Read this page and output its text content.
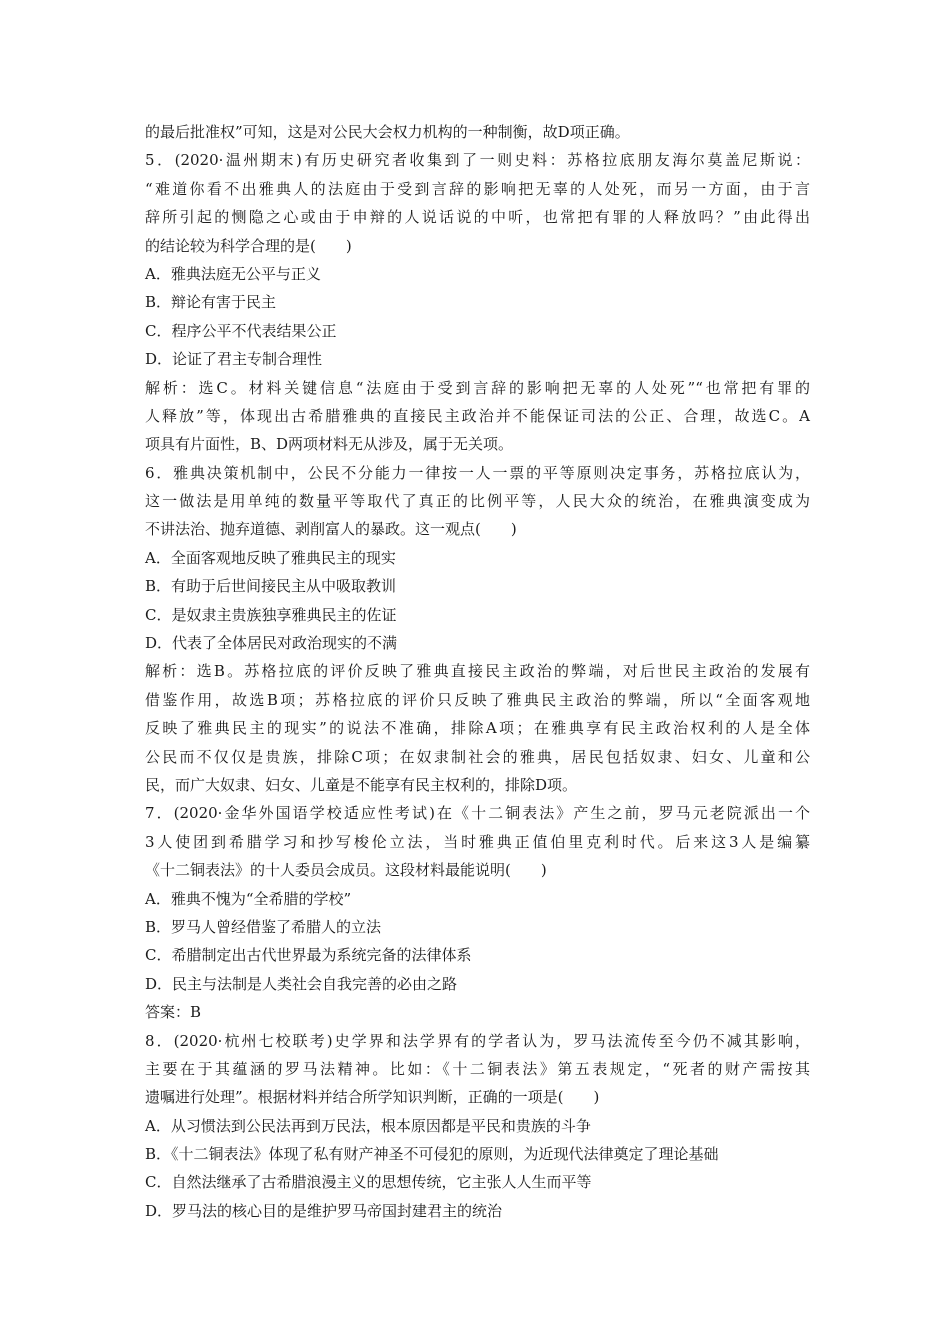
的最后批准权”可知，这是对公民大会权力机构的一种制衡，故D项正确。
5．(2020·温州期末)有历史研究者收集到了一则史料：苏格拉底朋友海尔莫盖尼斯说：
“难道你看不出雅典人的法庭由于受到言辞的影响把无辜的人处死，而另一方面，由于言
辞所引起的恻隐之心或由于申辩的人说话说的中听，也常把有罪的人释放吗？”由此得出
的结论较为科学合理的是(　　)
A．雅典法庭无公平与正义
B．辩论有害于民主
C．程序公平不代表结果公正
D．论证了君主专制合理性
解析：选C。材料关键信息“法庭由于受到言辞的影响把无辜的人处死”“也常把有罪的
人释放”等，体现出古希腊雅典的直接民主政治并不能保证司法的公正、合理，故选C。A
项具有片面性，B、D两项材料无从涉及，属于无关项。
6．雅典决策机制中，公民不分能力一律按一人一票的平等原则决定事务，苏格拉底认为，
这一做法是用单纯的数量平等取代了真正的比例平等，人民大众的统治，在雅典演变成为
不讲法治、抛弃道德、剥削富人的暴政。这一观点(　　)
A．全面客观地反映了雅典民主的现实
B．有助于后世间接民主从中吸取教训
C．是奴隶主贵族独享雅典民主的佐证
D．代表了全体居民对政治现实的不满
解析：选B。苏格拉底的评价反映了雅典直接民主政治的弊端，对后世民主政治的发展有
借鉴作用，故选B项；苏格拉底的评价只反映了雅典民主政治的弊端，所以“全面客观地
反映了雅典民主的现实”的说法不准确，排除A项；在雅典享有民主政治权利的人是全体
公民而不仅仅是贵族，排除C项；在奴隶制社会的雅典，居民包括奴隶、妇女、儿童和公
民，而广大奴隶、妇女、儿童是不能享有民主权利的，排除D项。
7．(2020·金华外国语学校适应性考试)在《十二铜表法》产生之前，罗马元老院派出一个
3人使团到希腊学习和抄写梭伦立法，当时雅典正值伯里克利时代。后来这3人是编纂
《十二铜表法》的十人委员会成员。这段材料最能说明(　　)
A．雅典不愧为“全希腊的学校”
B．罗马人曾经借鉴了希腊人的立法
C．希腊制定出古代世界最为系统完备的法律体系
D．民主与法制是人类社会自我完善的必由之路
答案：B
8．(2020·杭州七校联考)史学界和法学界有的学者认为，罗马法流传至今仍不减其影响，
主要在于其蕴涵的罗马法精神。比如：《十二铜表法》第五表规定，“死者的财产需按其
遗嘱进行处理”。根据材料并结合所学知识判断，正确的一项是(　　)
A．从习惯法到公民法再到万民法，根本原因都是平民和贵族的斗争
B．《十二铜表法》体现了私有财产神圣不可侵犯的原则，为近现代法律奠定了理论基础
C．自然法继承了古希腊浪漫主义的思想传统，它主张人人生而平等
D．罗马法的核心目的是维护罗马帝国封建君主的统治
